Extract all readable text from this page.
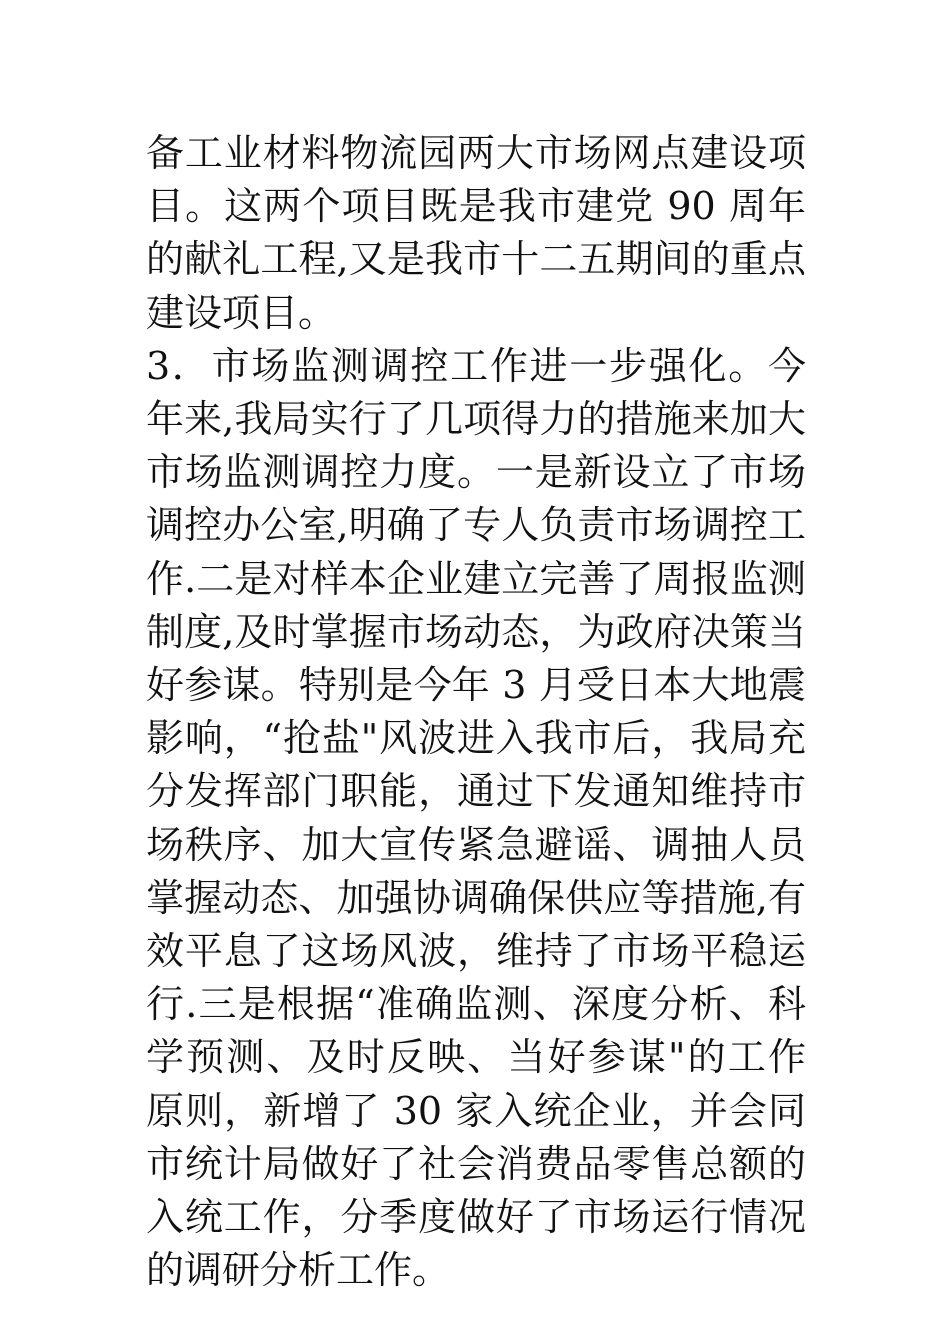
备工业材料物流园两大市场网点建设项目。这两个项目既是我市建党 90 周年的献礼工程,又是我市十二五期间的重点建设项目。

3．市场监测调控工作进一步强化。今年来,我局实行了几项得力的措施来加大市场监测调控力度。一是新设立了市场调控办公室,明确了专人负责市场调控工作.二是对样本企业建立完善了周报监测制度,及时掌握市场动态，为政府决策当好参谋。特别是今年 3 月受日本大地震影响，“抢盐"风波进入我市后，我局充分发挥部门职能，通过下发通知维持市场秩序、加大宣传紧急避谣、调抽人员掌握动态、加强协调确保供应等措施,有效平息了这场风波，维持了市场平稳运行.三是根据“准确监测、深度分析、科学预测、及时反映、当好参谋"的工作原则，新增了 30 家入统企业，并会同市统计局做好了社会消费品零售总额的入统工作，分季度做好了市场运行情况的调研分析工作。
